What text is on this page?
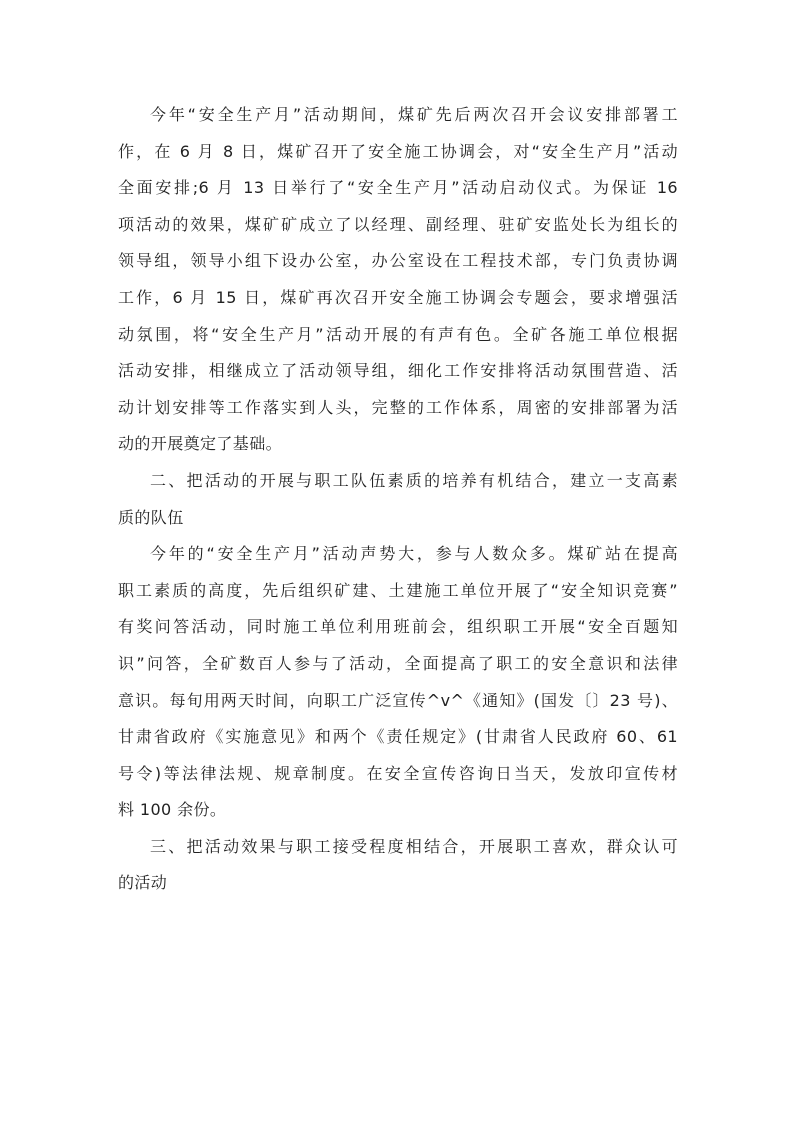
今年“安全生产月”活动期间，煤矿先后两次召开会议安排部署工
作，在 6 月 8 日，煤矿召开了安全施工协调会，对“安全生产月”活动
全面安排;6 月 13 日举行了“安全生产月”活动启动仪式。为保证 16
项活动的效果，煤矿矿成立了以经理、副经理、驻矿安监处长为组长的
领导组，领导小组下设办公室，办公室设在工程技术部，专门负责协调
工作，6 月 15 日，煤矿再次召开安全施工协调会专题会，要求增强活
动氛围，将“安全生产月”活动开展的有声有色。全矿各施工单位根据
活动安排，相继成立了活动领导组，细化工作安排将活动氛围营造、活
动计划安排等工作落实到人头，完整的工作体系，周密的安排部署为活
动的开展奠定了基础。
二、把活动的开展与职工队伍素质的培养有机结合，建立一支高素
质的队伍
今年的“安全生产月”活动声势大，参与人数众多。煤矿站在提高
职工素质的高度，先后组织矿建、土建施工单位开展了“安全知识竞赛”
有奖问答活动，同时施工单位利用班前会，组织职工开展“安全百题知
识”问答，全矿数百人参与了活动，全面提高了职工的安全意识和法律
意识。每旬用两天时间，向职工广泛宣传^v^《通知》(国发〔〕23 号)、
甘肃省政府《实施意见》和两个《责任规定》(甘肃省人民政府 60、61
号令)等法律法规、规章制度。在安全宣传咨询日当天，发放印宣传材
料 100 余份。
三、把活动效果与职工接受程度相结合，开展职工喜欢，群众认可
的活动
